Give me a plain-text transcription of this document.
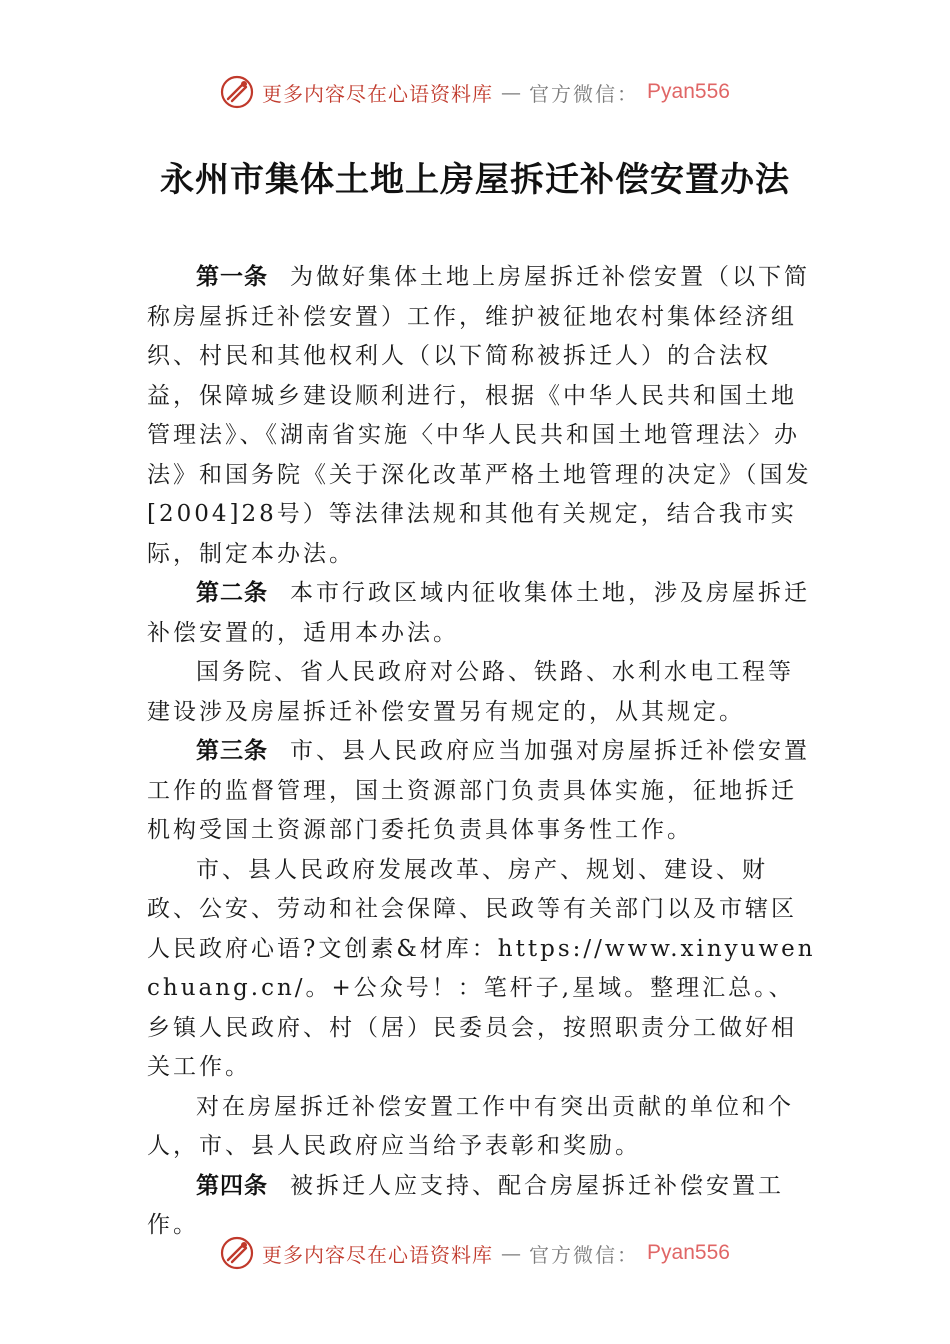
更多内容尽在心语资料库 — 官方微信： Pyan556
永州市集体土地上房屋拆迁补偿安置办法

第一条 为做好集体土地上房屋拆迁补偿安置（以下简称房屋拆迁补偿安置）工作，维护被征地农村集体经济组织、村民和其他权利人（以下简称被拆迁人）的合法权益，保障城乡建设顺利进行，根据《中华人民共和国土地管理法》、《湖南省实施〈中华人民共和国土地管理法〉办法》和国务院《关于深化改革严格土地管理的决定》（国发[2004]28号）等法律法规和其他有关规定，结合我市实际，制定本办法。

第二条 本市行政区域内征收集体土地，涉及房屋拆迁补偿安置的，适用本办法。

国务院、省人民政府对公路、铁路、水利水电工程等建设涉及房屋拆迁补偿安置另有规定的，从其规定。

第三条 市、县人民政府应当加强对房屋拆迁补偿安置工作的监督管理，国土资源部门负责具体实施，征地拆迁机构受国土资源部门委托负责具体事务性工作。

市、县人民政府发展改革、房产、规划、建设、财政、公安、劳动和社会保障、民政等有关部门以及市辖区人民政府心语?文创素&材库：https://www.xinyuwenchuang.cn/。+公众号！：笔杆子,星域。整理汇总。、乡镇人民政府、村（居）民委员会，按照职责分工做好相关工作。

对在房屋拆迁补偿安置工作中有突出贡献的单位和个人，市、县人民政府应当给予表彰和奖励。

第四条 被拆迁人应支持、配合房屋拆迁补偿安置工作。

更多内容尽在心语资料库 — 官方微信： Pyan556
